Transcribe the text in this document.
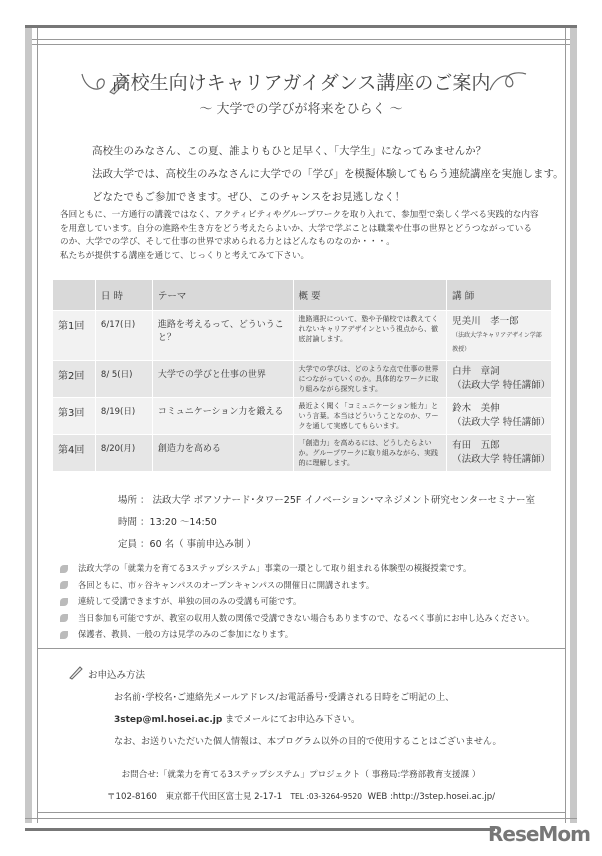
高校生向けキャリアガイダンス講座のご案内
～ 大学での学びが将来をひらく ～
高校生のみなさん、この夏、誰よりもひと足早く、「大学生」になってみませんか？
法政大学では、高校生のみなさんに大学での「学び」を模擬体験してもらう連続講座を実施します。
どなたでもご参加できます。ぜひ、このチャンスをお見逃しなく！
各回ともに、一方通行の講義ではなく、アクティビティやグループワークを取り入れて、参加型で楽しく学べる実践的な内容
を用意しています。自分の進路や生き方をどう考えたらよいか、大学で学ぶことは職業や仕事の世界とどうつながっている
のか、大学での学び、そして仕事の世界で求められる力とはどんなものなのか・・・。
私たちが提供する講座を通じて、じっくりと考えてみて下さい。
	日 時	テーマ	概 要	講 師
第1回	6/17(日)	進路を考えるって、どういうこと？	進路選択について、塾や予備校では教えてくれないキャリアデザインという視点から、徹底討論します。	児美川　孝一郎
（法政大学キャリアデザイン学部教授）

第2回	8/ 5(日)	大学での学びと仕事の世界	大学での学びは、どのような点で仕事の世界につながっていくのか。具体的なワークに取り組みながら探究します。	白井　章詞
（法政大学 特任講師）

第3回	8/19(日)	コミュニケーション力を鍛える	最近よく聞く「コミュニケーション能力」という言葉。本当はどういうことなのか、ワークを通して実感してもらいます。	鈴木　美伸
（法政大学 特任講師）

第4回	8/20(月)	創造力を高める	「創造力」を高めるには、どうしたらよいか。グループワークに取り組みながら、実践的に理解します。	有田　五郎
（法政大学 特任講師）
場所 ： 法政大学 ボアソナード･タワー25F イノベーション･マネジメント研究センターセミナー室
時間 ：13:20 ～14:50
定員 ：60 名（ 事前申込み制 ）
法政大学の「就業力を育てる3ステップシステム」事業の一環として取り組まれる体験型の模擬授業です。
各回ともに、市ヶ谷キャンパスのオープンキャンパスの開催日に開講されます。
連続して受講できますが、単独の回のみの受講も可能です。
当日参加も可能ですが、教室の収用人数の関係で受講できない場合もありますので、なるべく事前にお申し込みください。
保護者、教員、一般の方は見学のみのご参加になります。
お申込み方法
お名前･学校名･ご連絡先メールアドレス/お電話番号･受講される日時をご明記の上、
3step@ml.hosei.ac.jp までメールにてお申込み下さい。
なお、お送りいただいた個人情報は、本プログラム以外の目的で使用することはございません。
お問合せ:「就業力を育てる3ステップシステム」プロジェクト（ 事務局:学務部教育支援課 ）
〒102-8160　東京都千代田区富士見 2-17-1 TEL :03-3264-9520 WEB :http://3step.hosei.ac.jp/
ReseMom
